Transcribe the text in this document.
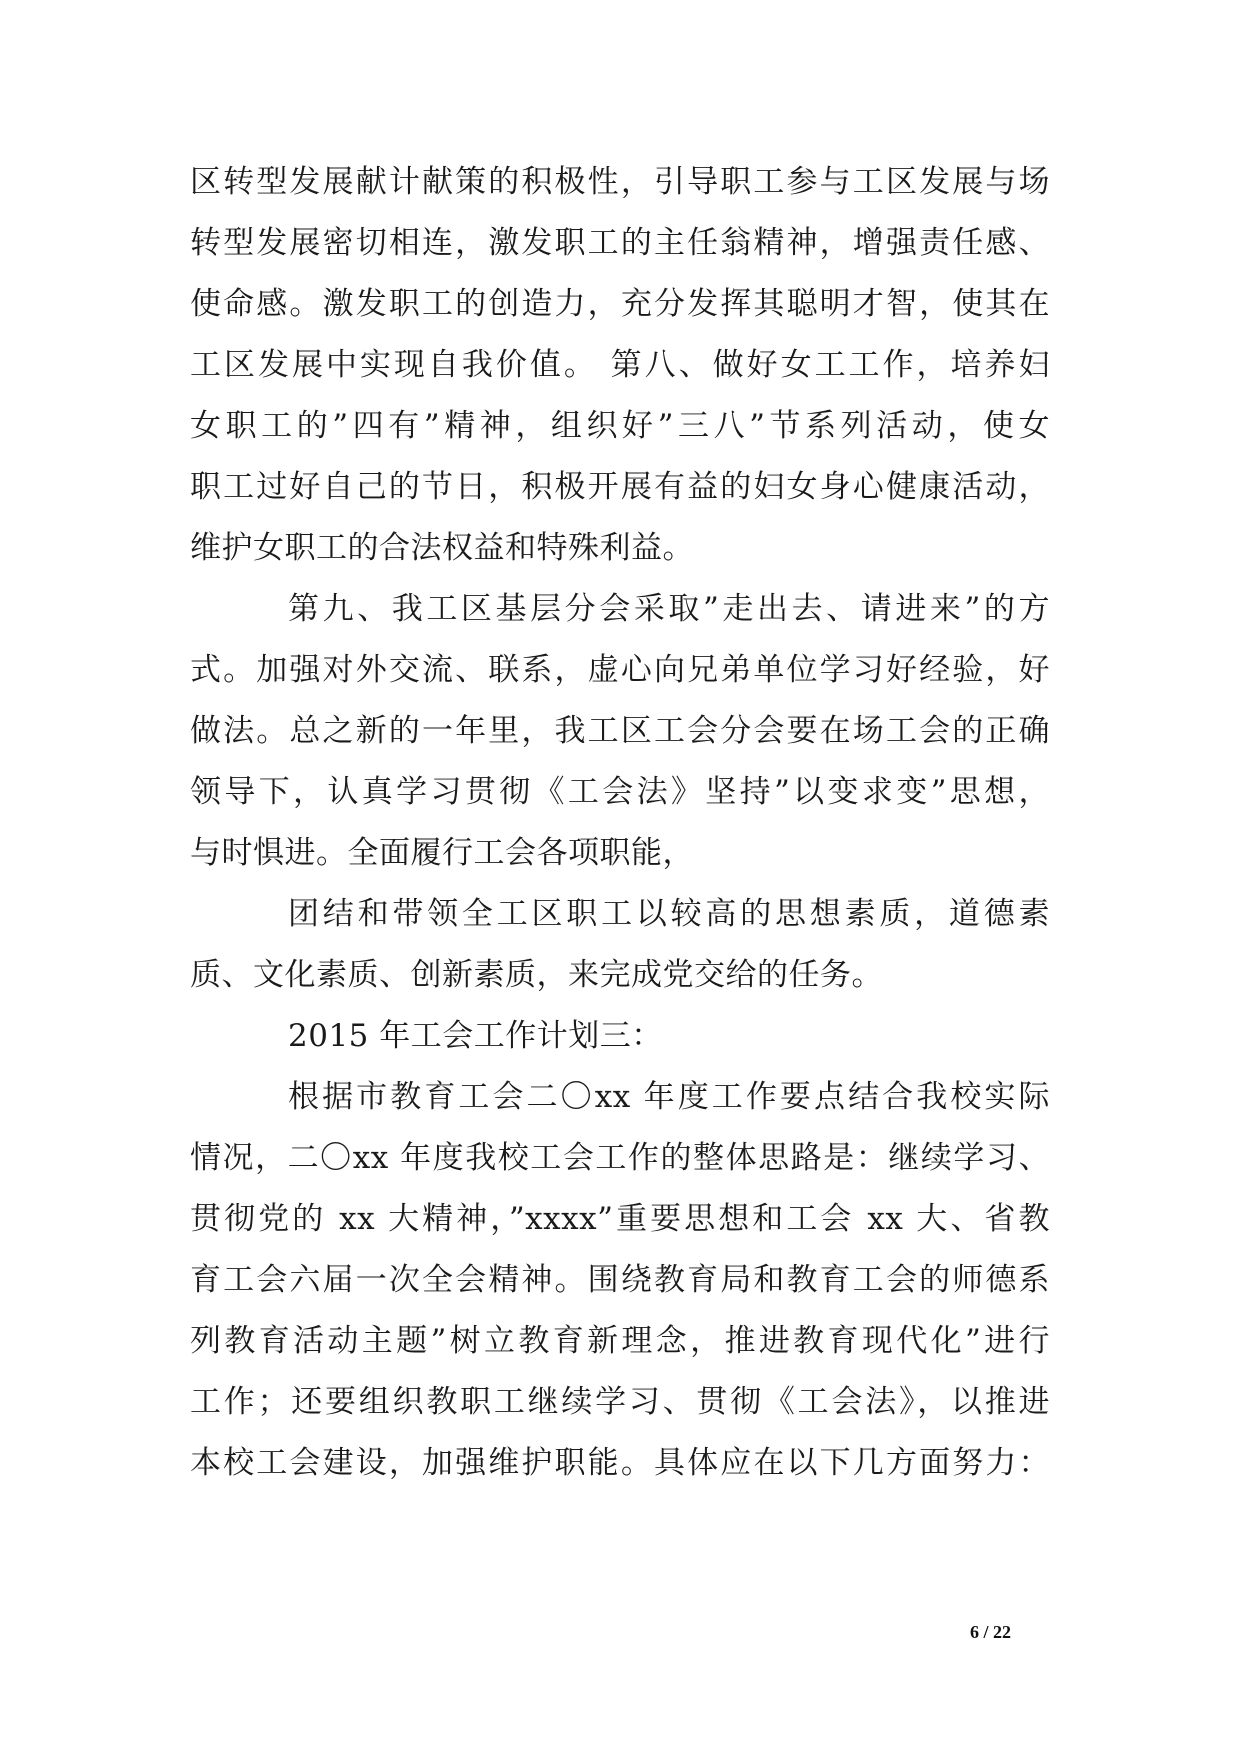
区转型发展献计献策的积极性，引导职工参与工区发展与场
转型发展密切相连，激发职工的主任翁精神，增强责任感、
使命感。激发职工的创造力，充分发挥其聪明才智，使其在
工区发展中实现自我价值。 第八、做好女工工作，培养妇
女职工的”四有”精神，组织好”三八”节系列活动，使女
职工过好自己的节日，积极开展有益的妇女身心健康活动，
维护女职工的合法权益和特殊利益。
第九、我工区基层分会采取”走出去、请进来”的方
式。加强对外交流、联系，虚心向兄弟单位学习好经验，好
做法。总之新的一年里，我工区工会分会要在场工会的正确
领导下，认真学习贯彻《工会法》坚持”以变求变”思想，
与时惧进。全面履行工会各项职能，
团结和带领全工区职工以较高的思想素质，道德素
质、文化素质、创新素质，来完成党交给的任务。
2015 年工会工作计划三：
根据市教育工会二〇xx 年度工作要点结合我校实际
情况，二〇xx 年度我校工会工作的整体思路是：继续学习、
贯彻党的 xx 大精神，”xxxx”重要思想和工会 xx 大、省教
育工会六届一次全会精神。围绕教育局和教育工会的师德系
列教育活动主题”树立教育新理念，推进教育现代化”进行
工作；还要组织教职工继续学习、贯彻《工会法》，以推进
本校工会建设，加强维护职能。具体应在以下几方面努力：
6 / 22
